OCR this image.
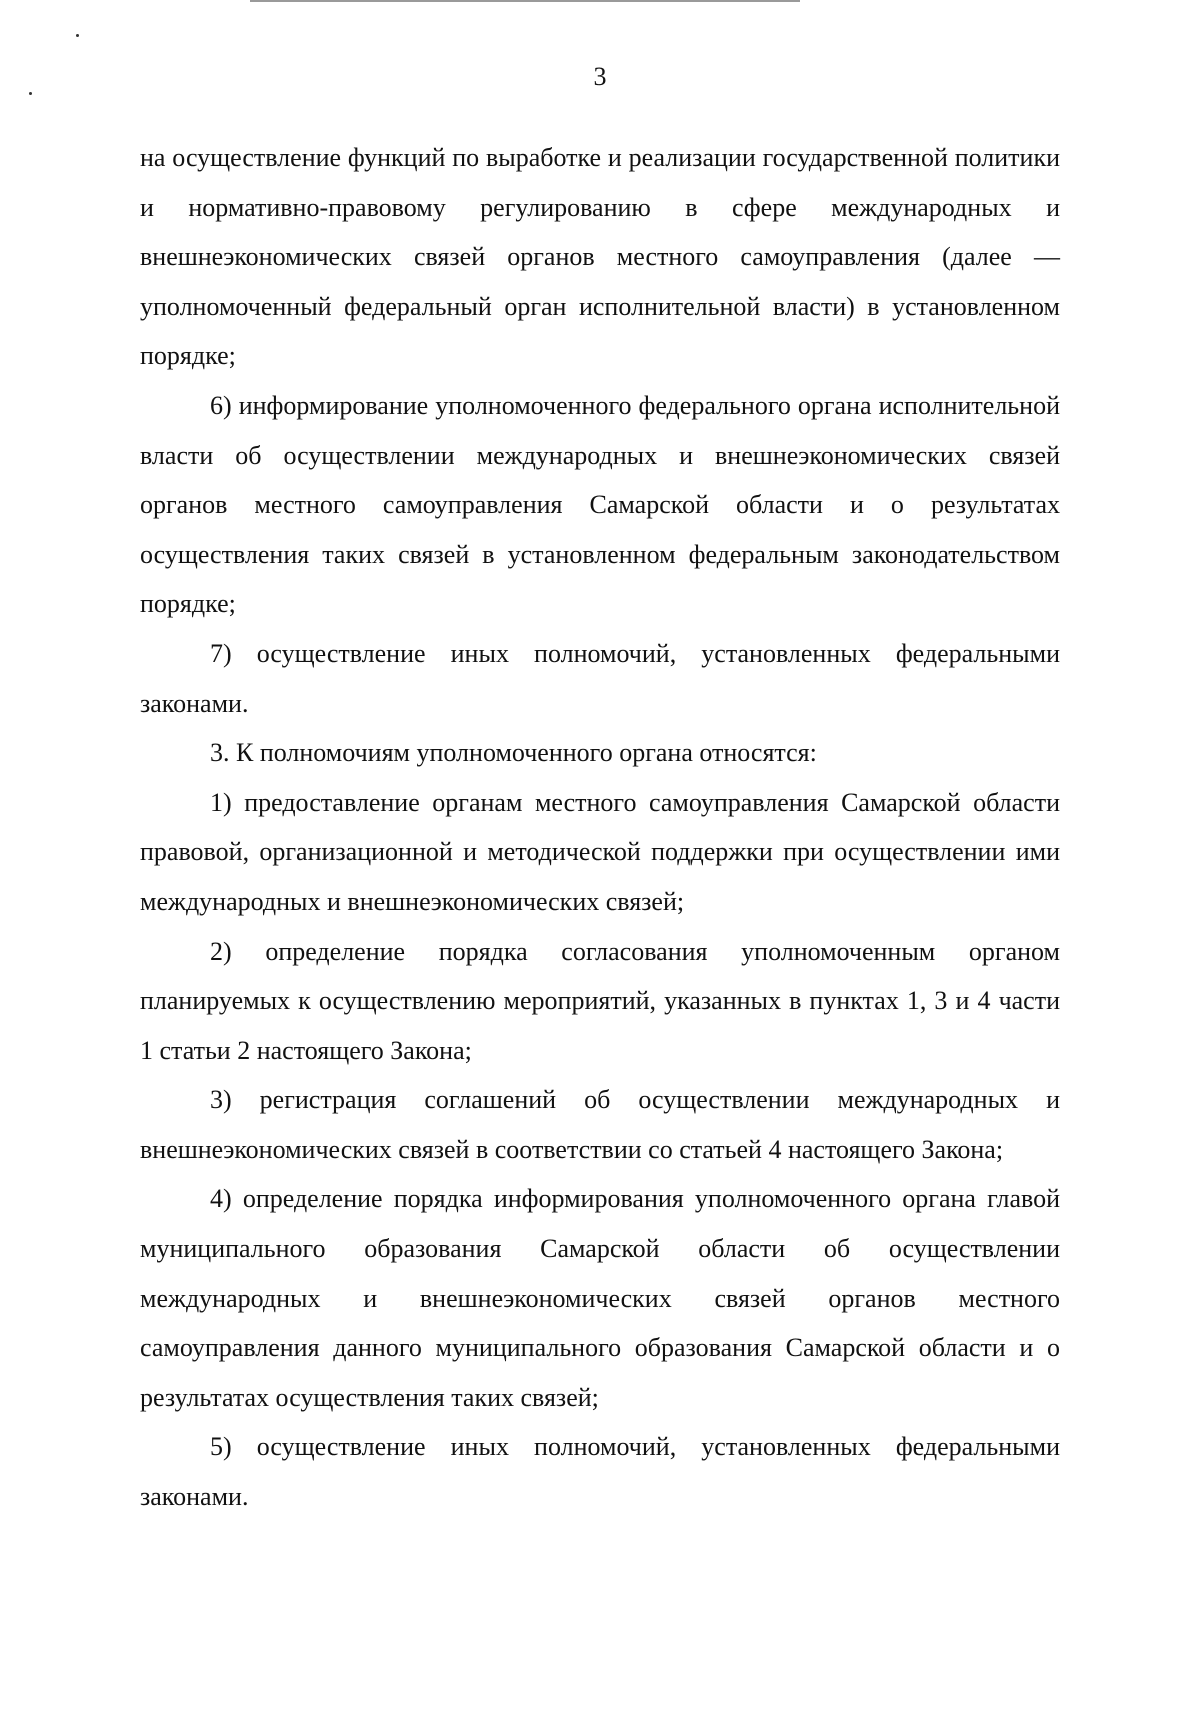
3

на осуществление функций по выработке и реализации государственной политики и нормативно-правовому регулированию в сфере международных и внешнеэкономических связей органов местного самоуправления (далее — уполномоченный федеральный орган исполнительной власти) в установленном порядке;

6) информирование уполномоченного федерального органа исполнительной власти об осуществлении международных и внешнеэкономических связей органов местного самоуправления Самарской области и о результатах осуществления таких связей в установленном федеральным законодательством порядке;

7) осуществление иных полномочий, установленных федеральными законами.

3. К полномочиям уполномоченного органа относятся:

1) предоставление органам местного самоуправления Самарской области правовой, организационной и методической поддержки при осуществлении ими международных и внешнеэкономических связей;

2) определение порядка согласования уполномоченным органом планируемых к осуществлению мероприятий, указанных в пунктах 1, 3 и 4 части 1 статьи 2 настоящего Закона;

3) регистрация соглашений об осуществлении международных и внешнеэкономических связей в соответствии со статьей 4 настоящего Закона;

4) определение порядка информирования уполномоченного органа главой муниципального образования Самарской области об осуществлении международных и внешнеэкономических связей органов местного самоуправления данного муниципального образования Самарской области и о результатах осуществления таких связей;

5) осуществление иных полномочий, установленных федеральными законами.
